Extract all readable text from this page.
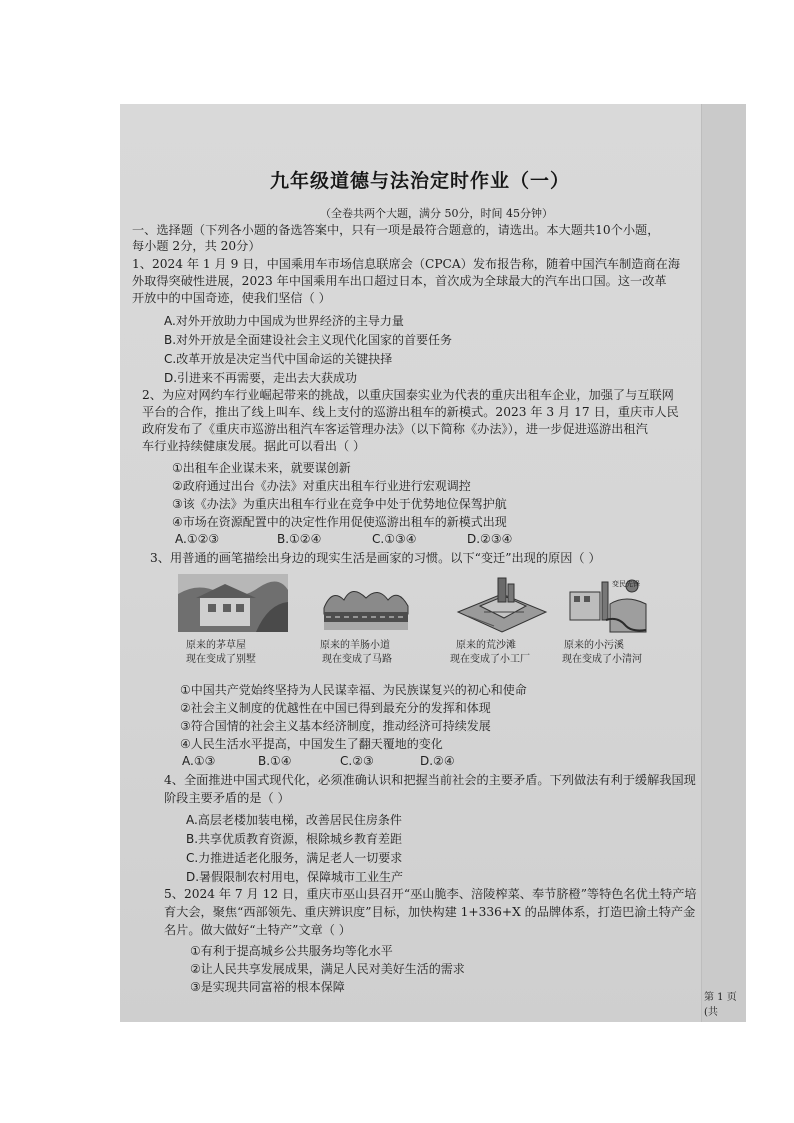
九年级道德与法治定时作业（一）
（全卷共两个大题，满分 50分，时间 45分钟）
一、选择题（下列各小题的备选答案中，只有一项是最符合题意的，请选出。本大题共10个小题，
每小题 2分，共 20分）
1、2024 年 1 月 9 日，中国乘用车市场信息联席会（CPCA）发布报告称，随着中国汽车制造商在海
外取得突破性进展，2023 年中国乘用车出口超过日本，首次成为全球最大的汽车出口国。这一改革
开放中的中国奇迹，使我们坚信（ ）
A.对外开放助力中国成为世界经济的主导力量
B.对外开放是全面建设社会主义现代化国家的首要任务
C.改革开放是决定当代中国命运的关键抉择
D.引进来不再需要，走出去大获成功
2、为应对网约车行业崛起带来的挑战，以重庆国泰实业为代表的重庆出租车企业，加强了与互联网
平台的合作，推出了线上叫车、线上支付的巡游出租车的新模式。2023 年 3 月 17 日，重庆市人民
政府发布了《重庆市巡游出租汽车客运管理办法》（以下简称《办法》），进一步促进巡游出租汽
车行业持续健康发展。据此可以看出（ ）
①出租车企业谋未来，就要谋创新
②政府通过出台《办法》对重庆出租车行业进行宏观调控
③该《办法》为重庆出租车行业在竞争中处于优势地位保驾护航
④市场在资源配置中的决定性作用促使巡游出租车的新模式出现
A.①②③	B.①②④	C.①③④	D.②③④
3、用普通的画笔描绘出身边的现实生活是画家的习惯。以下“变迁”出现的原因（ ）
原来的茅草屋
现在变成了别墅
原来的羊肠小道
现在变成了马路
原来的荒沙滩
现在变成了小工厂
变民先锋
原来的小污溪
现在变成了小清河
①中国共产党始终坚持为人民谋幸福、为民族谋复兴的初心和使命
②社会主义制度的优越性在中国已得到最充分的发挥和体现
③符合国情的社会主义基本经济制度，推动经济可持续发展
④人民生活水平提高，中国发生了翻天覆地的变化
A.①③	B.①④	C.②③	D.②④
4、全面推进中国式现代化，必须准确认识和把握当前社会的主要矛盾。下列做法有利于缓解我国现
阶段主要矛盾的是（ ）
A.高层老楼加装电梯，改善居民住房条件
B.共享优质教育资源，根除城乡教育差距
C.力推进适老化服务，满足老人一切要求
D.暑假限制农村用电，保障城市工业生产
5、2024 年 7 月 12 日，重庆市巫山县召开“巫山脆李、涪陵榨菜、奉节脐橙”等特色名优土特产培
育大会，聚焦“西部领先、重庆辨识度”目标，加快构建 1+336+X 的品牌体系，打造巴渝土特产金
名片。做大做好“土特产”文章（ ）
①有利于提高城乡公共服务均等化水平
②让人民共享发展成果，满足人民对美好生活的需求
③是实现共同富裕的根本保障
第 1 页(共
